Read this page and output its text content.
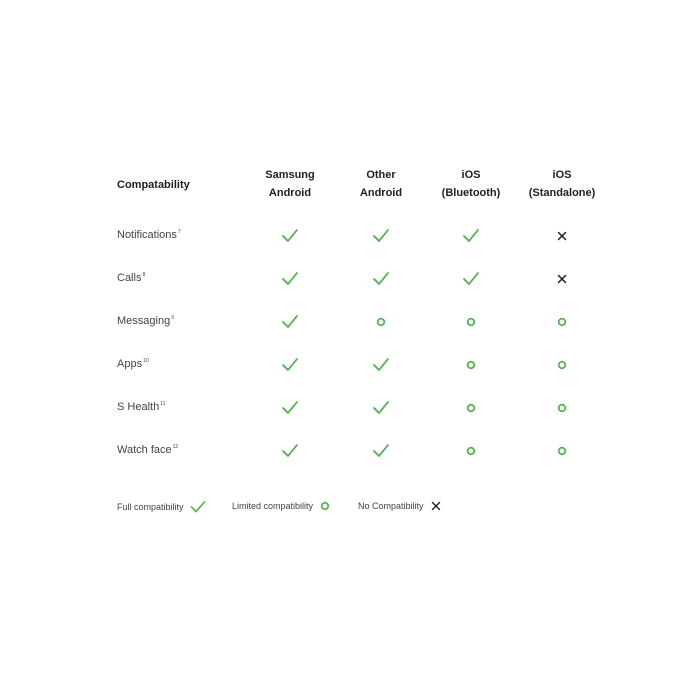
Compatability
Samsung
Android
Other
Android
iOS
(Bluetooth)
iOS
(Standalone)
Notifications$^7$
Calls$^8$
Messaging$^9$
Apps$^{10}$
S Health$^{11}$
Watch face$^{12}$
Full compatibility	Limited compatibility	No Compatibility
